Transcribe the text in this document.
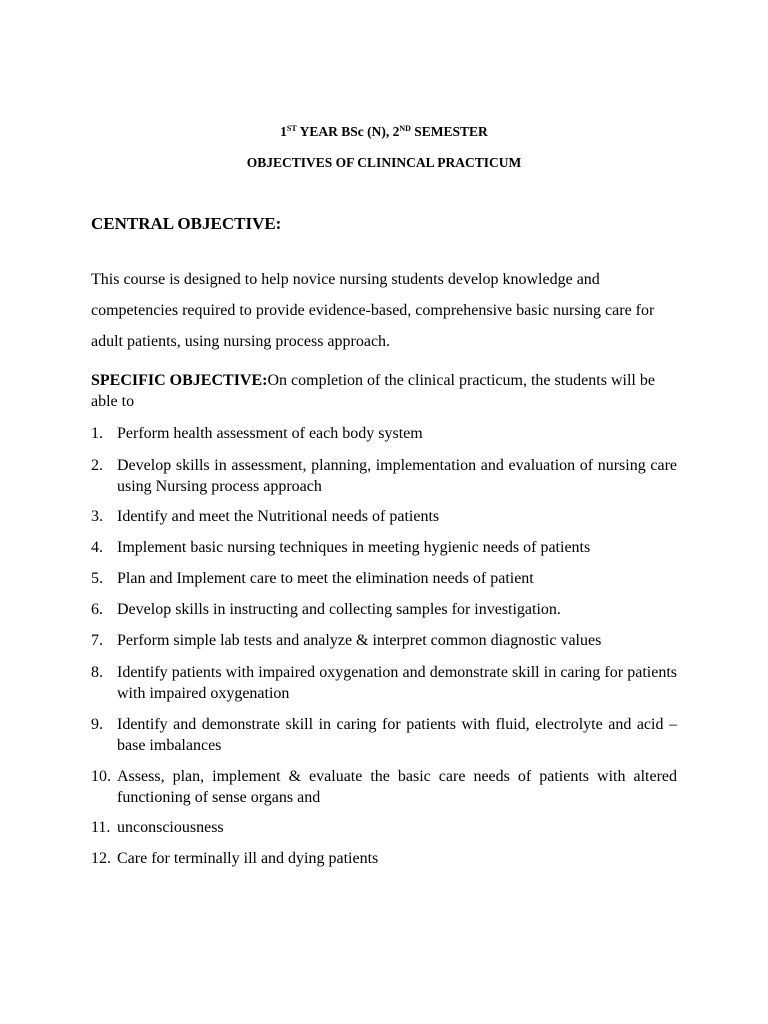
1ST YEAR BSc (N), 2ND SEMESTER
OBJECTIVES OF CLININCAL PRACTICUM
CENTRAL OBJECTIVE:
This course is designed to help novice nursing students develop knowledge and competencies required to provide evidence-based, comprehensive basic nursing care for adult patients, using nursing process approach.
SPECIFIC OBJECTIVE:On completion of the clinical practicum, the students will be able to
1. Perform health assessment of each body system
2. Develop skills in assessment, planning, implementation and evaluation of nursing care using Nursing process approach
3. Identify and meet the Nutritional needs of patients
4. Implement basic nursing techniques in meeting hygienic needs of patients
5. Plan and Implement care to meet the elimination needs of patient
6. Develop skills in instructing and collecting samples for investigation.
7. Perform simple lab tests and analyze & interpret common diagnostic values
8. Identify patients with impaired oxygenation and demonstrate skill in caring for patients with impaired oxygenation
9. Identify and demonstrate skill in caring for patients with fluid, electrolyte and acid – base imbalances
10. Assess, plan, implement & evaluate the basic care needs of patients with altered functioning of sense organs and
11. unconsciousness
12. Care for terminally ill and dying patients
